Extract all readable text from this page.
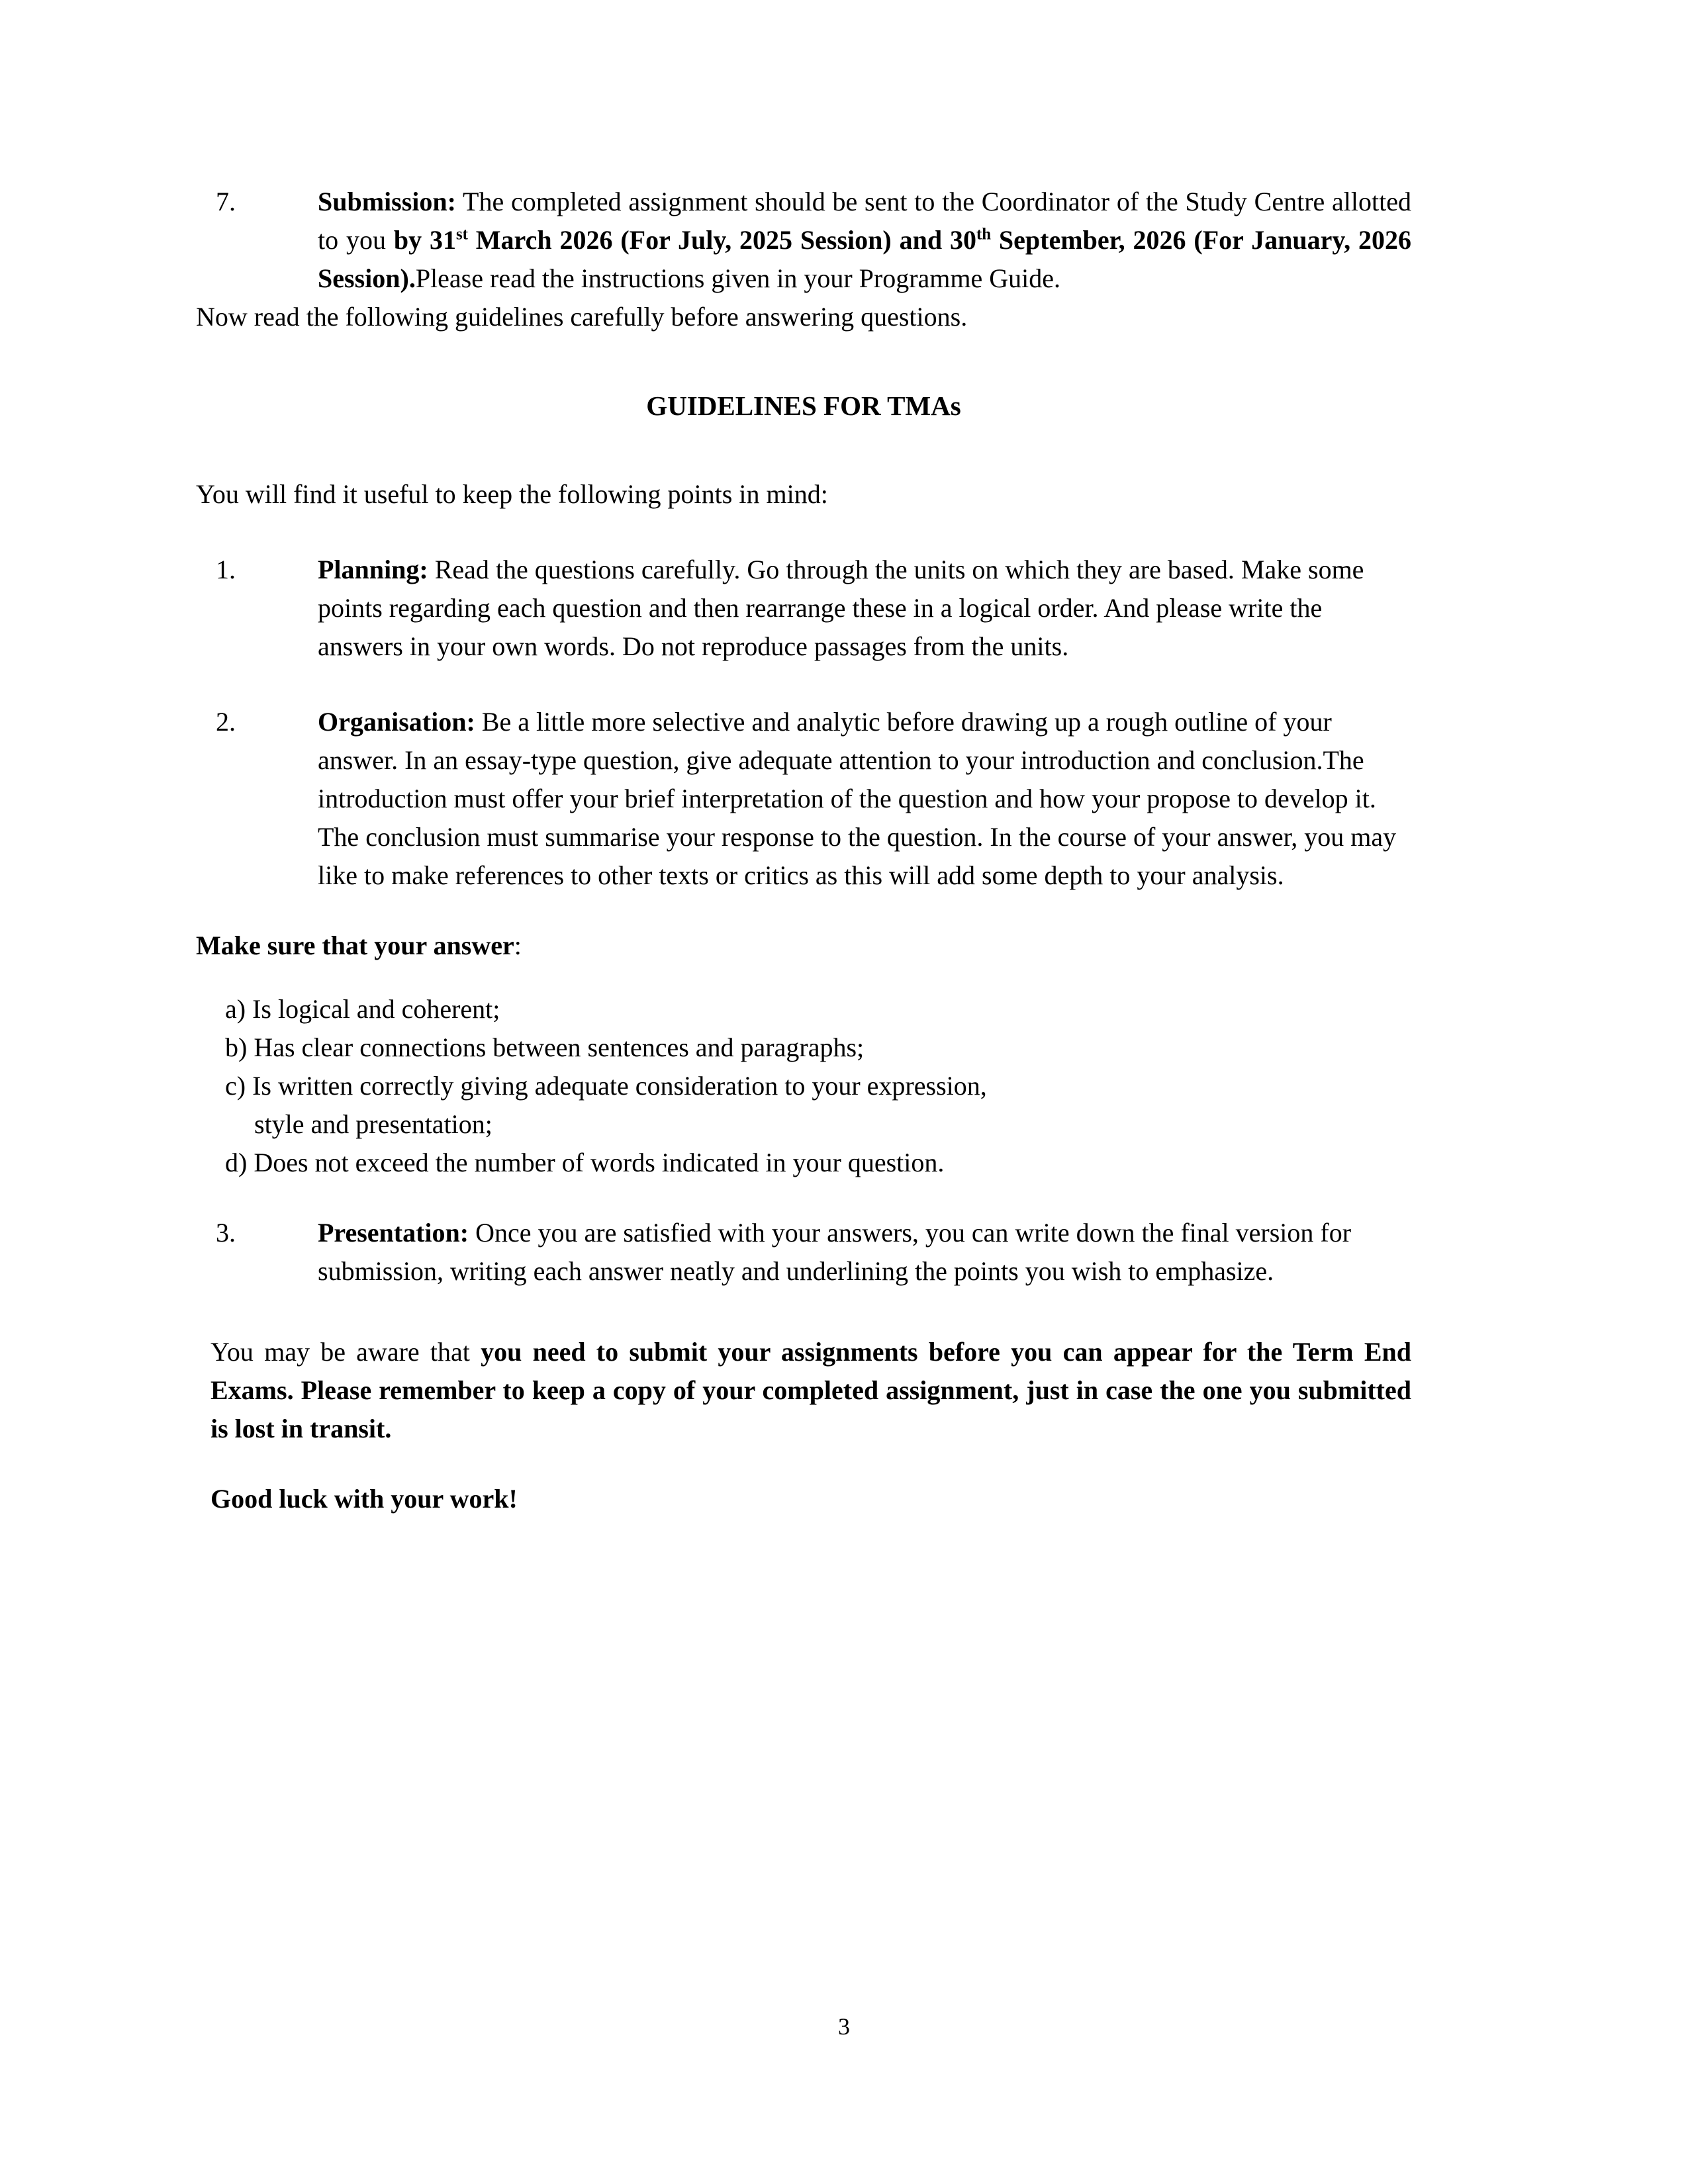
7.	Submission: The completed assignment should be sent to the Coordinator of the Study Centre allotted to you by 31st March 2026 (For July, 2025 Session) and 30th September, 2026 (For January, 2026 Session).Please read the instructions given in your Programme Guide.

Now read the following guidelines carefully before answering questions.

GUIDELINES FOR TMAs

You will find it useful to keep the following points in mind:

1.	Planning: Read the questions carefully. Go through the units on which they are based. Make some points regarding each question and then rearrange these in a logical order. And please write the answers in your own words. Do not reproduce passages from the units.
2.	Organisation: Be a little more selective and analytic before drawing up a rough outline of your answer. In an essay-type question, give adequate attention to your introduction and conclusion.The introduction must offer your brief interpretation of the question and how your propose to develop it. The conclusion must summarise your response to the question. In the course of your answer, you may like to make references to other texts or critics as this will add some depth to your analysis.

Make sure that your answer:

a) Is logical and coherent;
b) Has clear connections between sentences and paragraphs;
c) Is written correctly giving adequate consideration to your expression,
style and presentation;
d) Does not exceed the number of words indicated in your question.
3.	Presentation: Once you are satisfied with your answers, you can write down the final version for submission, writing each answer neatly and underlining the points you wish to emphasize.
You may be aware that you need to submit your assignments before you can appear for the Term End Exams. Please remember to keep a copy of your completed assignment, just in case the one you submitted is lost in transit.
Good luck with your work!
3
